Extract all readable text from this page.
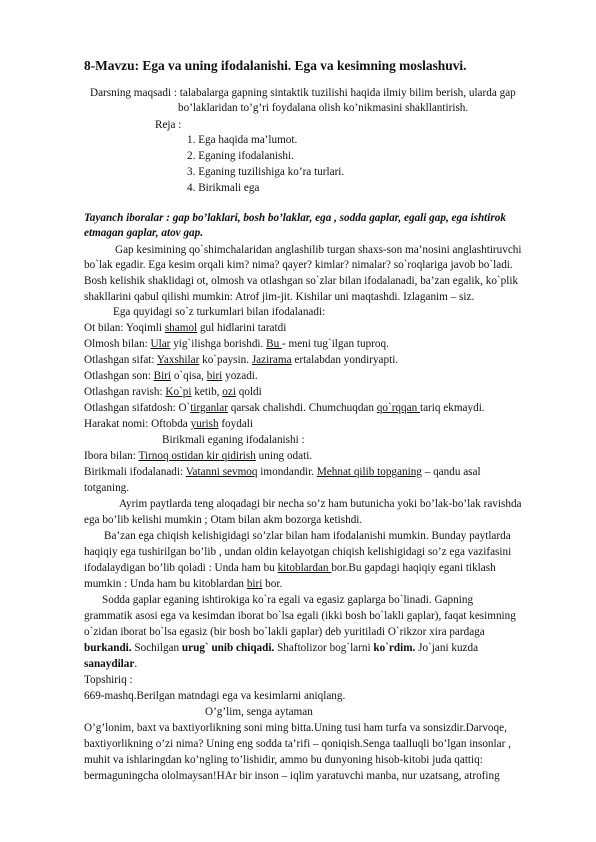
8-Mavzu: Ega va uning ifodalanishi. Ega va kesimning moslashuvi.
Darsning maqsadi : talabalarga gapning sintaktik tuzilishi haqida ilmiy bilim berish, ularda gap
bo’laklaridan to’g’ri foydalana olish ko’nikmasini shakllantirish.
Reja :
1. Ega haqida ma’lumot.
2. Eganing ifodalanishi.
3. Eganing tuzilishiga ko’ra turlari.
4. Birikmali ega
Tayanch iboralar : gap bo’laklari, bosh bo’laklar, ega , sodda gaplar, egali gap, ega ishtirok
etmagan gaplar, atov gap.
Gap kesimining qo`shimchalaridan anglashilib turgan shaxs-son ma’nosini anglashtiruvchi
bo`lak egadir. Ega kesim orqali kim? nima? qayer? kimlar? nimalar? so`roqlariga javob bo`ladi.
Bosh kelishik shaklidagi ot, olmosh va otlashgan so`zlar bilan ifodalanadi, ba’zan egalik, ko`plik
shakllarini qabul qilishi mumkin: Atrof jim-jit. Kishilar uni maqtashdi. Izlaganim – siz.
Ega quyidagi so`z turkumlari bilan ifodalanadi:
Ot bilan: Yoqimli shamol gul hidlarini taratdi
Olmosh bilan: Ular yig`ilishga borishdi. Bu - meni tug`ilgan tuproq.
Otlashgan sifat: Yaxshilar ko`paysin. Jazirama ertalabdan yondiryapti.
Otlashgan son: Biri o`qisa, biri yozadi.
Otlashgan ravish: Ko`pi ketib, ozi qoldi
Otlashgan sifatdosh: O`tirganlar qarsak chalishdi. Chumchuqdan qo`rqqan tariq ekmaydi.
Harakat nomi: Oftobda yurish foydali
Birikmali eganing ifodalanishi :
Ibora bilan: Tirnoq ostidan kir qidirish uning odati.
Birikmali ifodalanadi: Vatanni sevmoq imondandir. Mehnat qilib topganing – qandu asal
totganing.
Ayrim paytlarda teng aloqadagi bir necha so’z ham butunicha yoki bo’lak-bo’lak ravishda
ega bo’lib kelishi mumkin ; Otam bilan akm bozorga ketishdi.
Ba’zan ega chiqish kelishigidagi so’zlar bilan ham ifodalanishi mumkin. Bunday paytlarda
haqiqiy ega tushirilgan bo’lib , undan oldin kelayotgan chiqish kelishigidagi so’z ega vazifasini
ifodalaydigan bo’lib qoladi : Unda ham bu kitoblardan bor.Bu gapdagi haqiqiy egani tiklash
mumkin : Unda ham bu kitoblardan biri bor.
Sodda gaplar eganing ishtirokiga ko`ra egali va egasiz gaplarga bo`linadi. Gapning
grammatik asosi ega va kesimdan iborat bo`lsa egali (ikki bosh bo`lakli gaplar), faqat kesimning
o`zidan iborat bo`lsa egasiz (bir bosh bo`lakli gaplar) deb yuritiladi O`rikzor xira pardaga
burkandi. Sochilgan urug` unib chiqadi. Shaftolizor bog`larni ko`rdim. Jo`jani kuzda
sanaydilar.
Topshiriq :
669-mashq.Berilgan matndagi ega va kesimlarni aniqlang.
O’g’lim, senga aytaman
O’g’lonim, baxt va baxtiyorlikning soni ming bitta.Uning tusi ham turfa va sonsizdir.Darvoqe,
baxtiyorlikning o’zi nima? Uning eng sodda ta’rifi – qoniqish.Senga taalluqli bo’lgan insonlar ,
muhit va ishlaringdan ko’ngling to’lishidir, ammo bu dunyoning hisob-kitobi juda qattiq:
bermaguningcha ololmaysan!HAr bir inson – iqlim yaratuvchi manba, nur uzatsang, atrofing
